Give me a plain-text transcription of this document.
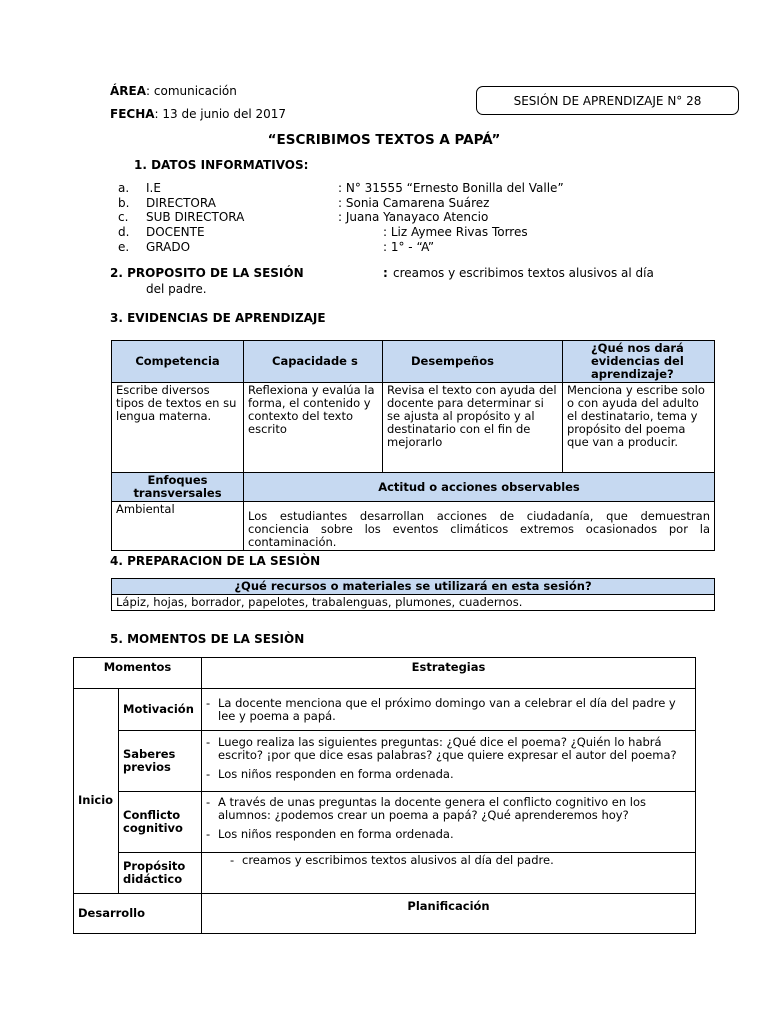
ÁREA: comunicación
FECHA: 13 de junio del 2017
SESIÓN DE APRENDIZAJE N° 28
“ESCRIBIMOS TEXTOS A PAPÁ”
1. DATOS INFORMATIVOS:
a. I.E	: N° 31555 “Ernesto Bonilla del Valle”
b. DIRECTORA	: Sonia Camarena Suárez
c. SUB DIRECTORA	: Juana Yanayaco Atencio
d. DOCENTE	: Liz Aymee Rivas Torres
e. GRADO	: 1° - “A”
2. PROPOSITO DE LA SESIÓN	: creamos y escribimos textos alusivos al día
del padre.
3. EVIDENCIAS DE APRENDIZAJE
Competencia	Capacidade s	Desempeños	¿Qué nos dará evidencias del aprendizaje?
Escribe diversos tipos de textos en su lengua materna.	Reflexiona y evalúa la forma, el contenido y contexto del texto escrito	Revisa el texto con ayuda del docente para determinar si se ajusta al propósito y al destinatario con el fin de mejorarlo	Menciona y escribe solo o con ayuda del adulto el destinatario, tema y propósito del poema que van a producir.
Enfoques transversales	Actitud o acciones observables		
Ambiental	Los estudiantes desarrollan acciones de ciudadanía, que demuestran conciencia sobre los eventos climáticos extremos ocasionados por la contaminación.		
4. PREPARACION DE LA SESIÒN
¿Qué recursos o materiales se utilizará en esta sesión?
Lápiz, hojas, borrador, papelotes, trabalenguas, plumones, cuadernos.
5. MOMENTOS DE LA SESIÒN
Momentos		Estrategias
Inicio	Motivación	- La docente menciona que el próximo domingo van a celebrar el día del padre y lee y poema a papá.

	Saberes previos	- Luego realiza las siguientes preguntas: ¿Qué dice el poema? ¿Quién lo habrá escrito? ¡por que dice esas palabras? ¿que quiere expresar el autor del poema?
- Los niños responden en forma ordenada.

	Conflicto cognitivo	- A través de unas preguntas la docente genera el conflicto cognitivo en los alumnos: ¿podemos crear un poema a papá? ¿Qué aprenderemos hoy?
- Los niños responden en forma ordenada.

	Propósito didáctico	- creamos y escribimos textos alusivos al día del padre.

Desarrollo		Planificación
